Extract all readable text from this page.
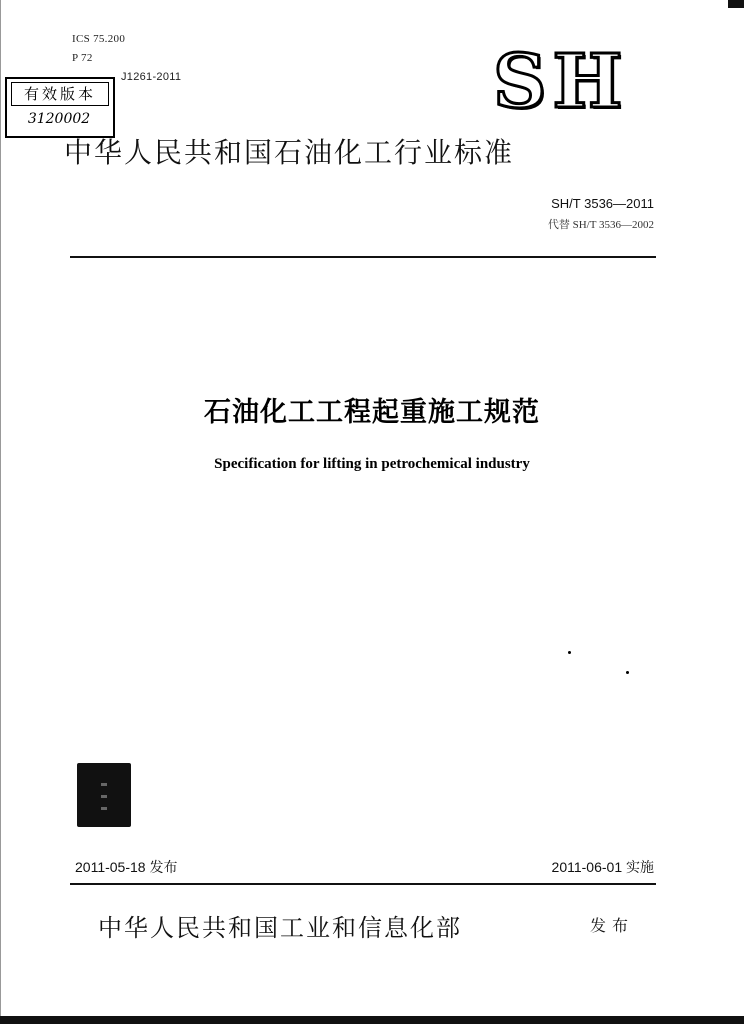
ICS 75.200
P 72
J1261-2011
有效版本
3120002	SH
中华人民共和国石油化工行业标准
SH/T 3536—2011
代替 SH/T 3536—2002
石油化工工程起重施工规范
Specification for lifting in petrochemical industry
2011-05-18 发布	2011-06-01 实施
中华人民共和国工业和信息化部	发布
